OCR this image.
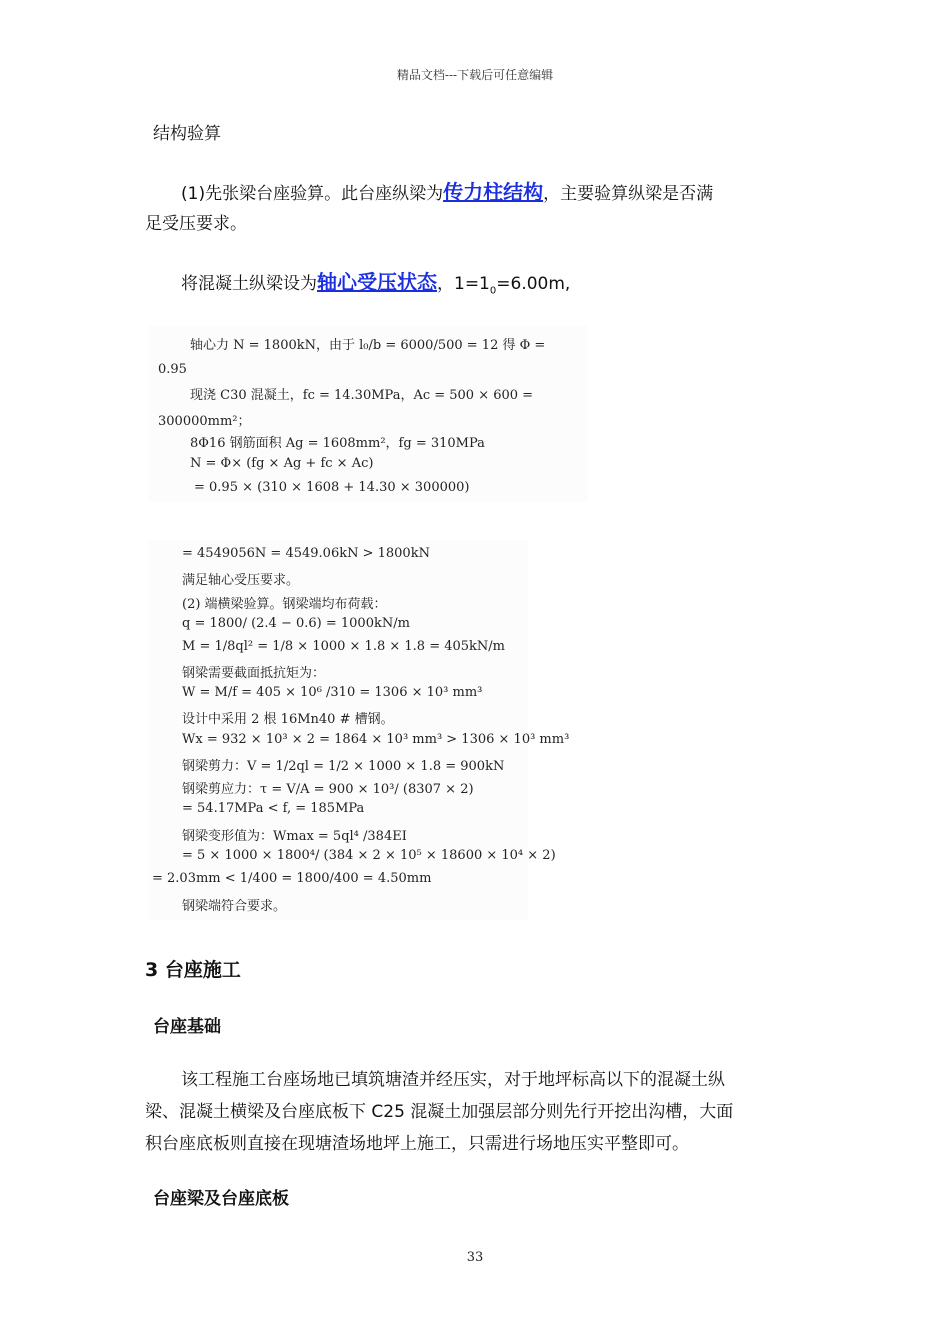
精品文档---下载后可任意编辑
结构验算
(1)先张梁台座验算。此台座纵梁为传力柱结构，主要验算纵梁是否满
足受压要求。
将混凝土纵梁设为轴心受压状态，$1=1_0=6.00m$,
轴心力 N = 1800kN，由于 l₀/b = 6000/500 = 12 得 Φ =
0.95
现浇 C30 混凝土，fc = 14.30MPa，Ac = 500 × 600 =
300000mm²；
8Φ16 钢筋面积 Ag = 1608mm²，fg = 310MPa
N = Φ× (fg × Ag + fc × Ac)
= 0.95 × (310 × 1608 + 14.30 × 300000)
= 4549056N = 4549.06kN > 1800kN
满足轴心受压要求。
(2) 端横梁验算。钢梁端均布荷载：
q = 1800/ (2.4 − 0.6) = 1000kN/m
M = 1/8ql² = 1/8 × 1000 × 1.8 × 1.8 = 405kN/m
钢梁需要截面抵抗矩为：
W = M/f = 405 × 10⁶ /310 = 1306 × 10³ mm³
设计中采用 2 根 16Mn40 # 槽钢。
Wx = 932 × 10³ × 2 = 1864 × 10³ mm³ > 1306 × 10³ mm³
钢梁剪力：V = 1/2ql = 1/2 × 1000 × 1.8 = 900kN
钢梁剪应力：τ = V/A = 900 × 10³/ (8307 × 2)
= 54.17MPa < f, = 185MPa
钢梁变形值为：Wmax = 5ql⁴ /384EI
= 5 × 1000 × 1800⁴/ (384 × 2 × 10⁵ × 18600 × 10⁴ × 2)
= 2.03mm < 1/400 = 1800/400 = 4.50mm
钢梁端符合要求。
3 台座施工
台座基础
该工程施工台座场地已填筑塘渣并经压实，对于地坪标高以下的混凝土纵
梁、混凝土横梁及台座底板下 C25 混凝土加强层部分则先行开挖出沟槽，大面
积台座底板则直接在现塘渣场地坪上施工，只需进行场地压实平整即可。
台座梁及台座底板
33
